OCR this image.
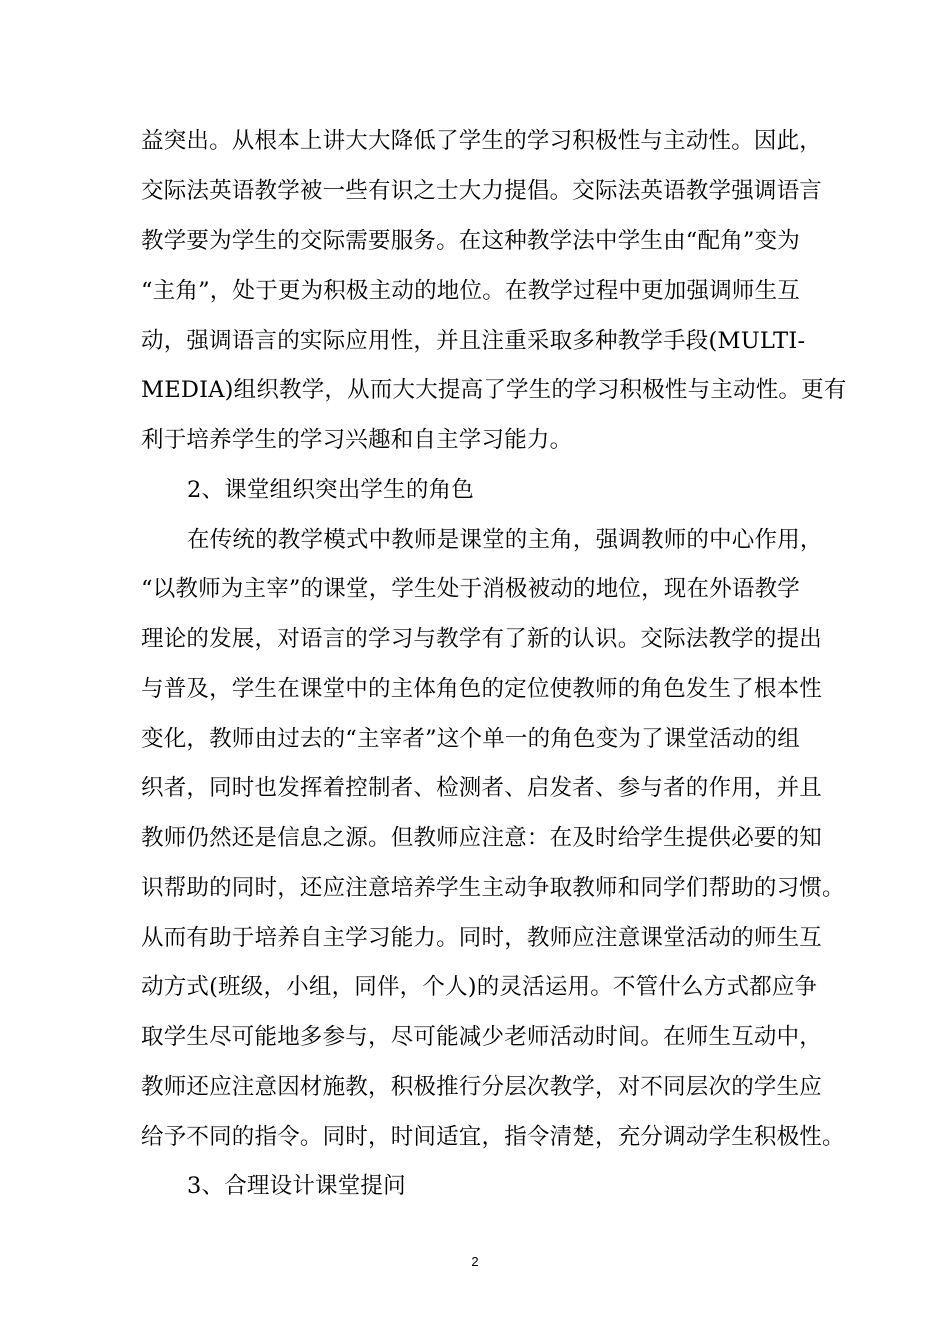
益突出。从根本上讲大大降低了学生的学习积极性与主动性。因此，
交际法英语教学被一些有识之士大力提倡。交际法英语教学强调语言
教学要为学生的交际需要服务。在这种教学法中学生由“配角”变为
“主角”，处于更为积极主动的地位。在教学过程中更加强调师生互
动，强调语言的实际应用性，并且注重采取多种教学手段(MULTI-
MEDIA)组织教学，从而大大提高了学生的学习积极性与主动性。更有
利于培养学生的学习兴趣和自主学习能力。
2、课堂组织突出学生的角色
在传统的教学模式中教师是课堂的主角，强调教师的中心作用，
“以教师为主宰”的课堂，学生处于消极被动的地位，现在外语教学
理论的发展，对语言的学习与教学有了新的认识。交际法教学的提出
与普及，学生在课堂中的主体角色的定位使教师的角色发生了根本性
变化，教师由过去的“主宰者”这个单一的角色变为了课堂活动的组
织者，同时也发挥着控制者、检测者、启发者、参与者的作用，并且
教师仍然还是信息之源。但教师应注意：在及时给学生提供必要的知
识帮助的同时，还应注意培养学生主动争取教师和同学们帮助的习惯。
从而有助于培养自主学习能力。同时，教师应注意课堂活动的师生互
动方式(班级，小组，同伴，个人)的灵活运用。不管什么方式都应争
取学生尽可能地多参与，尽可能减少老师活动时间。在师生互动中，
教师还应注意因材施教，积极推行分层次教学，对不同层次的学生应
给予不同的指令。同时，时间适宜，指令清楚，充分调动学生积极性。
3、合理设计课堂提问
2
